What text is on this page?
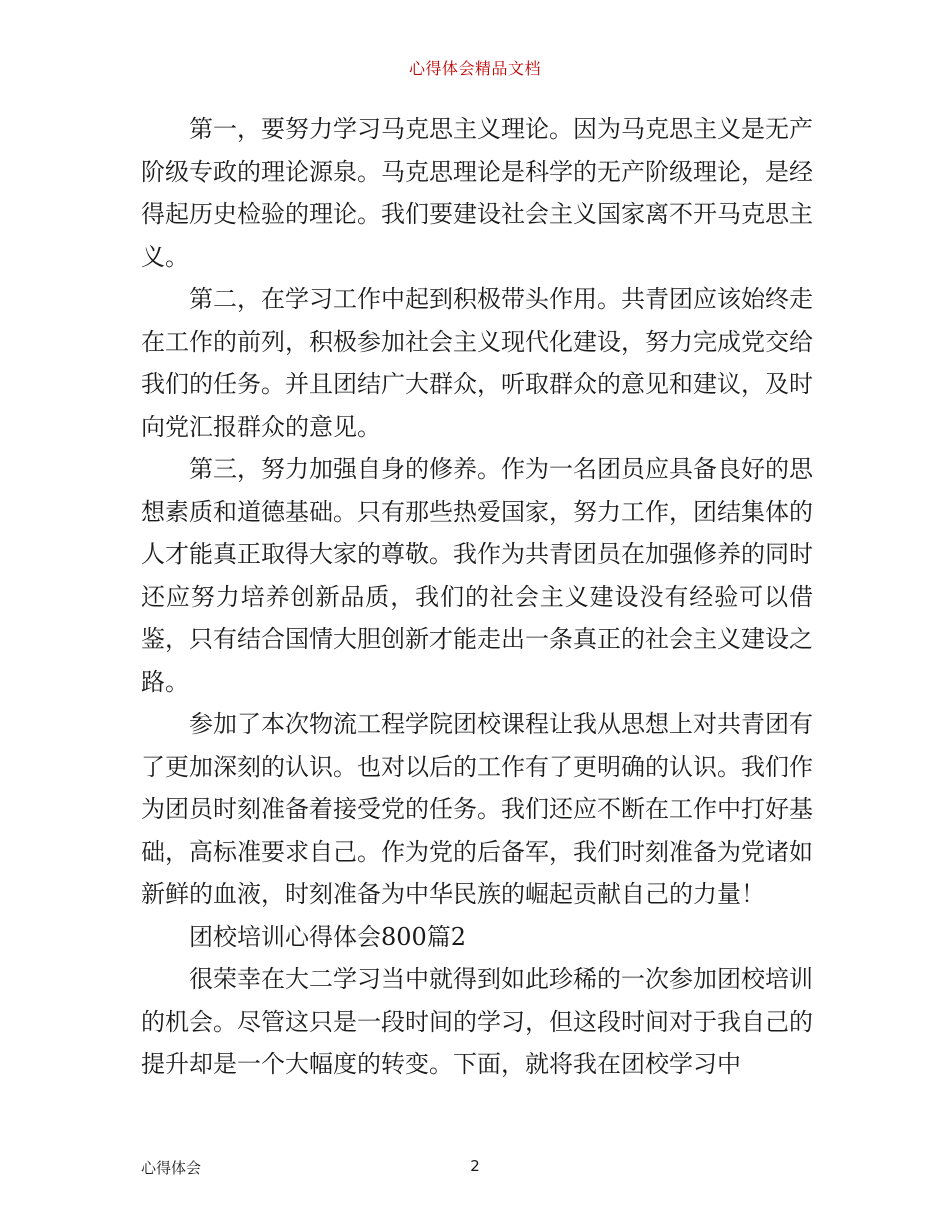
心得体会精品文档

第一，要努力学习马克思主义理论。因为马克思主义是无产阶级专政的理论源泉。马克思理论是科学的无产阶级理论，是经得起历史检验的理论。我们要建设社会主义国家离不开马克思主义。

第二，在学习工作中起到积极带头作用。共青团应该始终走在工作的前列，积极参加社会主义现代化建设，努力完成党交给我们的任务。并且团结广大群众，听取群众的意见和建议，及时向党汇报群众的意见。

第三，努力加强自身的修养。作为一名团员应具备良好的思想素质和道德基础。只有那些热爱国家，努力工作，团结集体的人才能真正取得大家的尊敬。我作为共青团员在加强修养的同时还应努力培养创新品质，我们的社会主义建设没有经验可以借鉴，只有结合国情大胆创新才能走出一条真正的社会主义建设之路。

参加了本次物流工程学院团校课程让我从思想上对共青团有了更加深刻的认识。也对以后的工作有了更明确的认识。我们作为团员时刻准备着接受党的任务。我们还应不断在工作中打好基础，高标准要求自己。作为党的后备军，我们时刻准备为党诸如新鲜的血液，时刻准备为中华民族的崛起贡献自己的力量！

团校培训心得体会800篇2

很荣幸在大二学习当中就得到如此珍稀的一次参加团校培训的机会。尽管这只是一段时间的学习，但这段时间对于我自己的提升却是一个大幅度的转变。下面，就将我在团校学习中

心得体会	2
